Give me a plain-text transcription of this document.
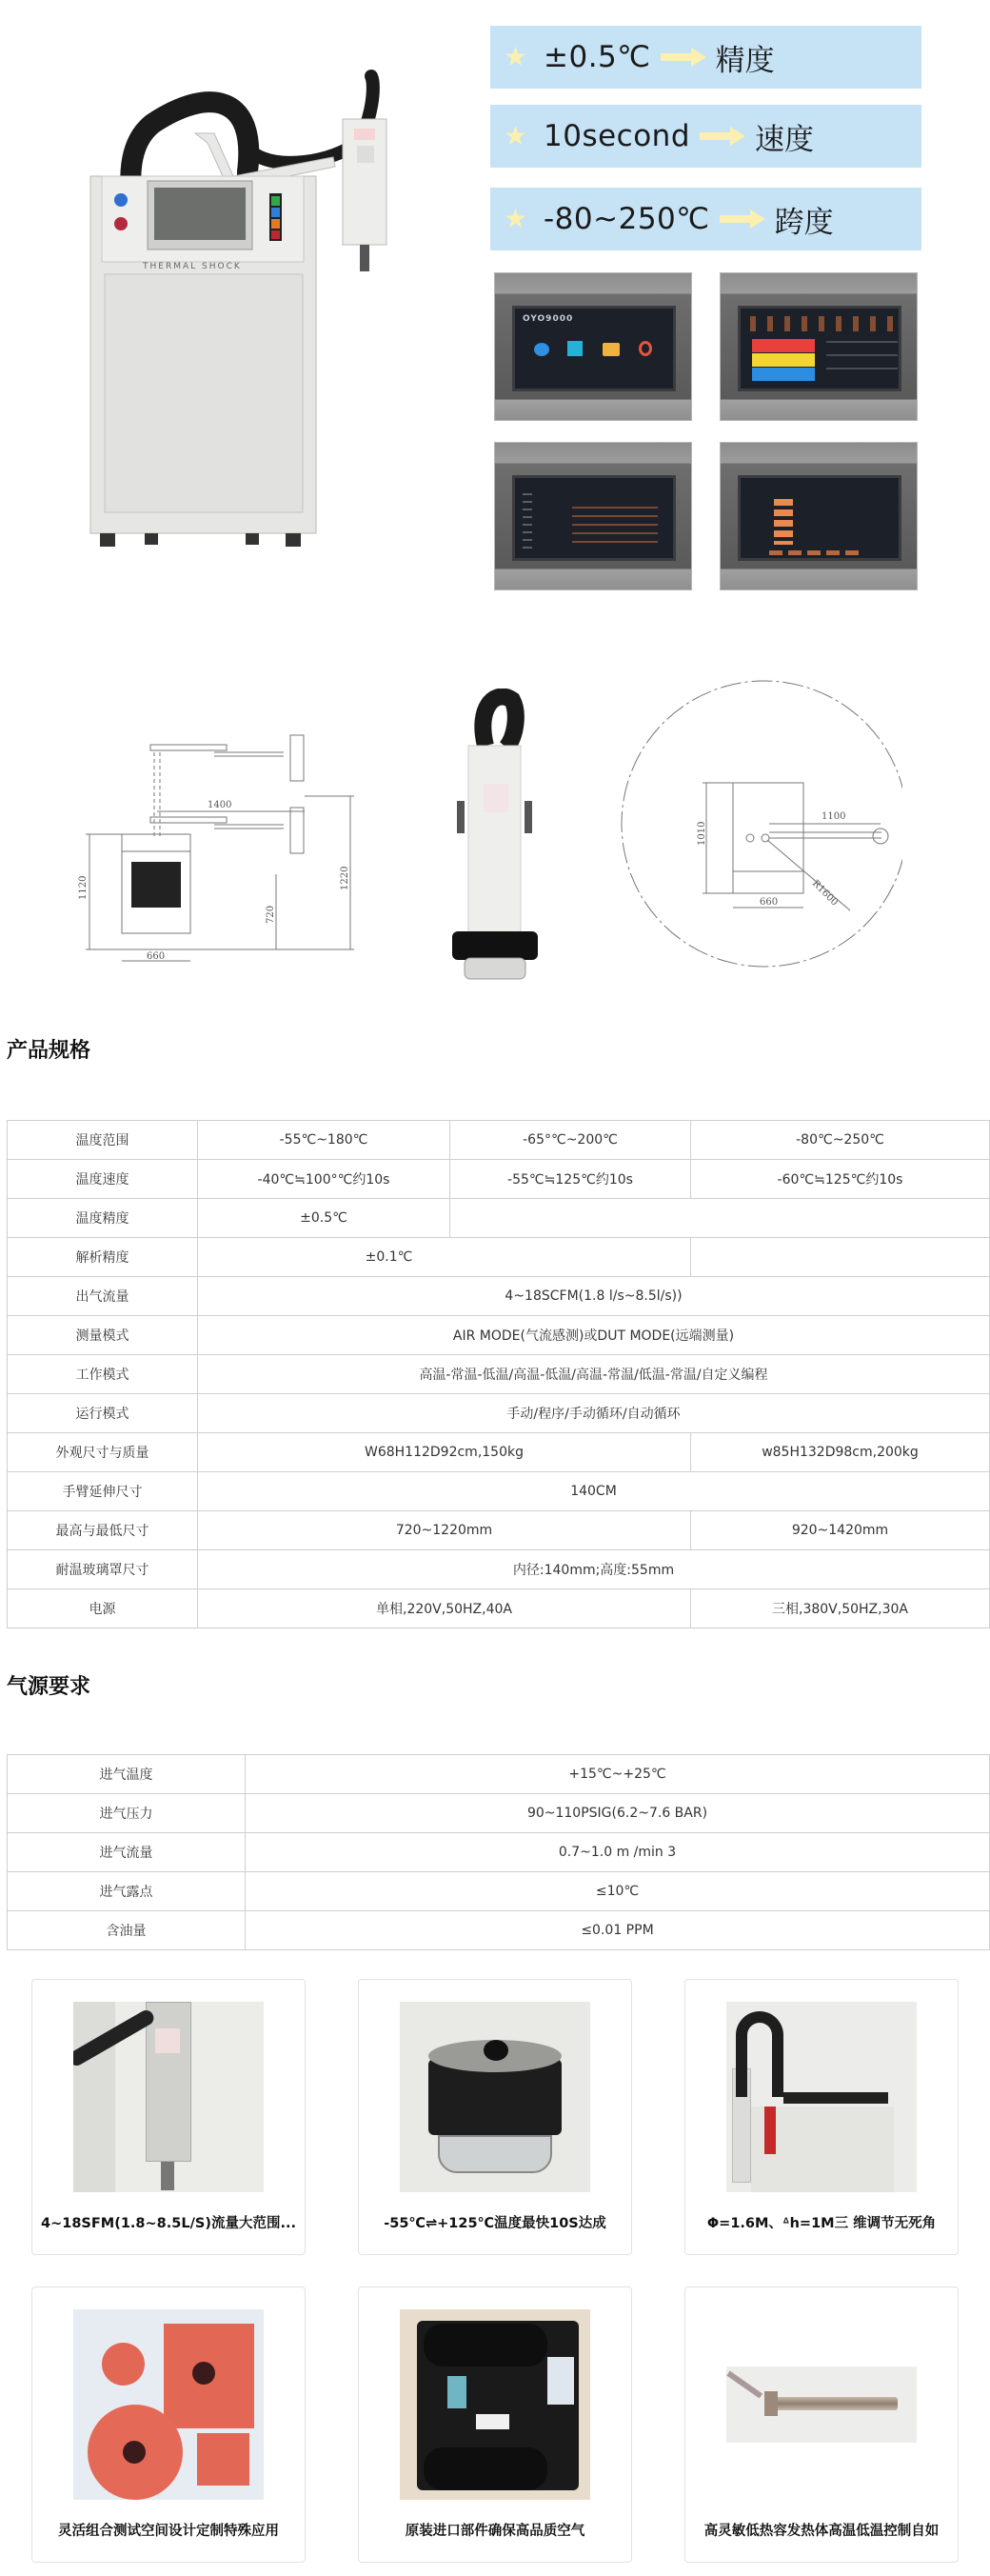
THERMAL SHOCK
★ ±0.5℃ 精度
★ 10second 速度
★ -80~250℃ 跨度
OYO9000
1400
1120	1220
720
660
1100
1010
660	R1600
产品规格
温度范围	-55℃~180℃	-65°℃~200℃	-80℃~250℃
温度速度	-40℃≒100°℃约10s	-55℃≒125℃约10s	-60℃≒125℃约10s
温度精度	±0.5℃		
解析精度	±0.1℃		
出气流量	4~18SCFM(1.8 l/s~8.5l/s))		
测量模式	AIR MODE(气流感测)或DUT MODE(远端测量)		
工作模式	高温-常温-低温/高温-低温/高温-常温/低温-常温/自定义编程		
运行模式	手动/程序/手动循环/自动循环		
外观尺寸与质量	W68H112D92cm,150kg		w85H132D98cm,200kg
手臂延伸尺寸	140CM		
最高与最低尺寸	720~1220mm		920~1420mm
耐温玻璃罩尺寸	内径:140mm;高度:55mm		
电源	单相,220V,50HZ,40A		三相,380V,50HZ,30A
气源要求
进气温度	+15℃~+25℃
进气压力	90~110PSIG(6.2~7.6 BAR)
进气流量	0.7~1.0 m /min 3
进气露点	≤10℃
含油量	≤0.01 PPM
4~18SFM(1.8~8.5L/S)流量大范围...	-55℃⇌+125℃温度最快10S达成	Φ=1.6M、ᐞh=1M三 维调节无死角
灵活组合测试空间设计定制特殊应用	原装进口部件确保高品质空气	高灵敏低热容发热体高温低温控制自如
